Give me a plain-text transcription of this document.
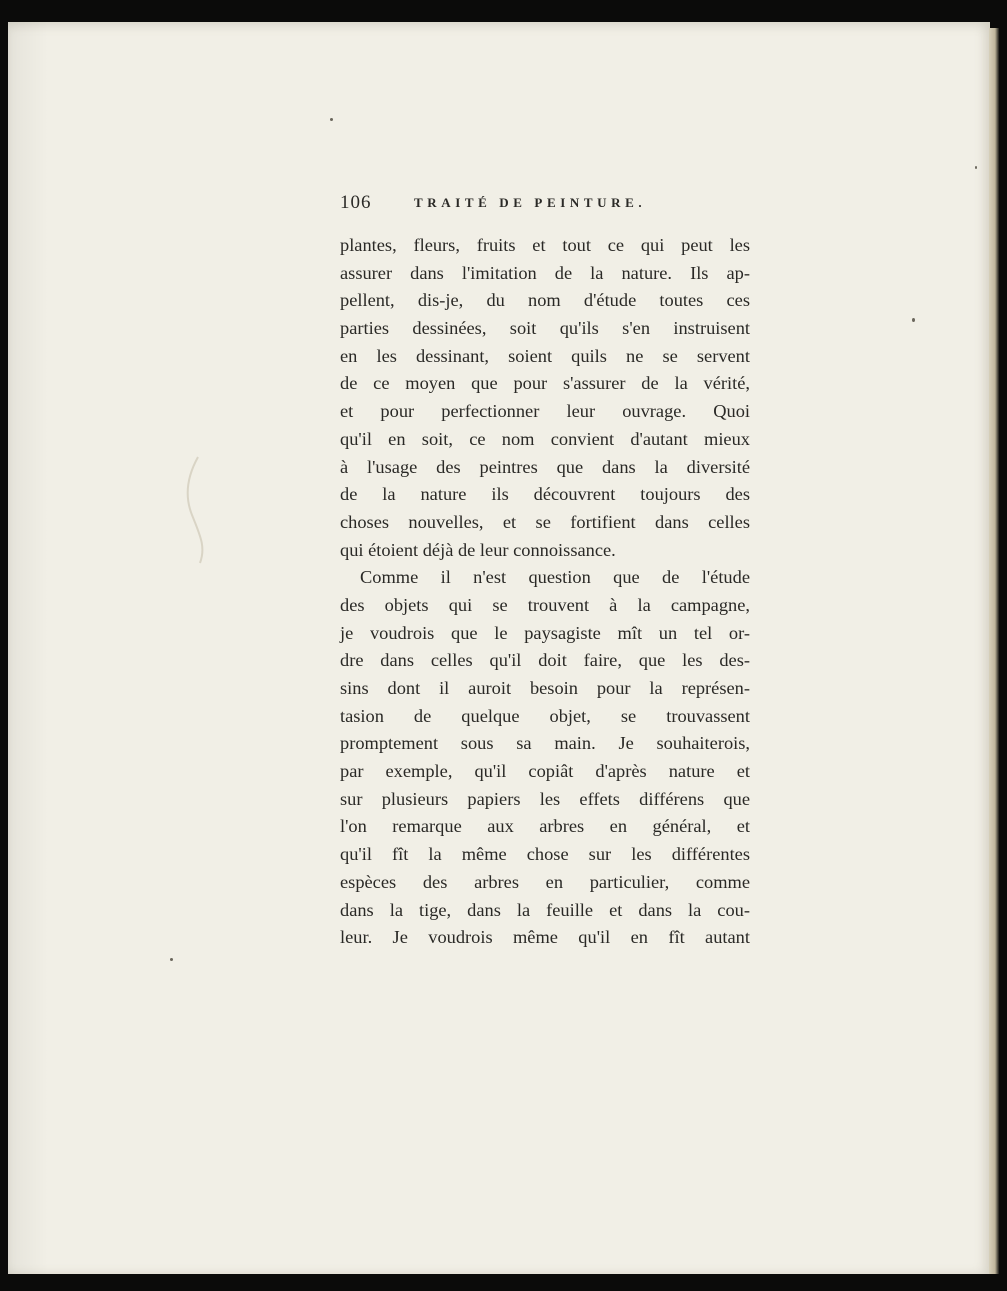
106	TRAITÉ DE PEINTURE.
plantes, fleurs, fruits et tout ce qui peut les
assurer dans l'imitation de la nature. Ils ap-
pellent, dis-je, du nom d'étude toutes ces
parties dessinées, soit qu'ils s'en instruisent
en les dessinant, soient quils ne se servent
de ce moyen que pour s'assurer de la vérité,
et pour perfectionner leur ouvrage. Quoi
qu'il en soit, ce nom convient d'autant mieux
à l'usage des peintres que dans la diversité
de la nature ils découvrent toujours des
choses nouvelles, et se fortifient dans celles
qui étoient déjà de leur connoissance.
Comme il n'est question que de l'étude
des objets qui se trouvent à la campagne,
je voudrois que le paysagiste mît un tel or-
dre dans celles qu'il doit faire, que les des-
sins dont il auroit besoin pour la représen-
tasion de quelque objet, se trouvassent
promptement sous sa main. Je souhaiterois,
par exemple, qu'il copiât d'après nature et
sur plusieurs papiers les effets différens que
l'on remarque aux arbres en général, et
qu'il fît la même chose sur les différentes
espèces des arbres en particulier, comme
dans la tige, dans la feuille et dans la cou-
leur. Je voudrois même qu'il en fît autant
